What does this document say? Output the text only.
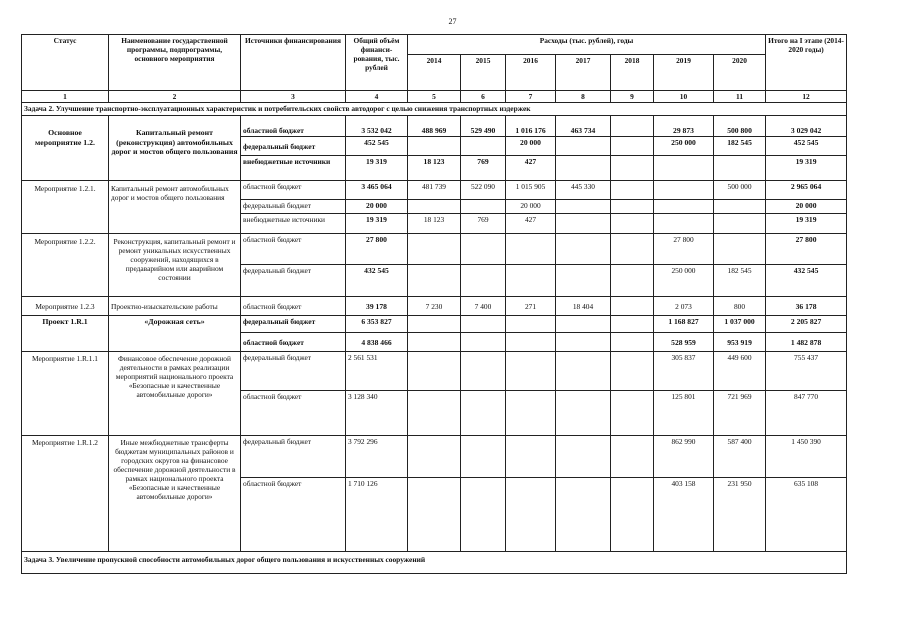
27
Статус	Наименование государственной программы, подпрограммы, основного мероприятия	Источники финансирования	Общий объём финанси-рования, тыс. рублей	Расходы (тыс. рублей), годы							Итого на I этапе (2014-2020 годы)
				2014	2015	2016	2017	2018	2019	2020	
1	2	3	4	5	6	7	8	9	10	11	12
Задача 2. Улучшение транспортно-эксплуатационных характеристик и потребительских свойств автодорог с целью снижения транспортных издержек											
Основное мероприятие 1.2.	Капитальный ремонт (реконструкция) автомобильных дорог и мостов общего пользования	областной бюджет	3 532 042	488 969	529 490	1 016 176	463 734		29 873	500 800	3 029 042
		федеральный бюджет	452 545			20 000			250 000	182 545	452 545
		внебюджетные источники	19 319	18 123	769	427					19 319
Мероприятие 1.2.1.	Капитальный ремонт автомобильных дорог и мостов общего пользования	областной бюджет	3 465 064	481 739	522 090	1 015 905	445 330			500 000	2 965 064
		федеральный бюджет	20 000			20 000					20 000
		внебюджетные источники	19 319	18 123	769	427					19 319
Мероприятие 1.2.2.	Реконструкция, капитальный ремонт и ремонт уникальных искусственных сооружений, находящихся в предаварийном или аварийном состоянии	областной бюджет	27 800						27 800		27 800
		федеральный бюджет	432 545						250 000	182 545	432 545
Мероприятие 1.2.3	Проектно-изыскательские работы	областной бюджет	39 178	7 230	7 400	271	18 404		2 073	800	36 178
Проект 1.R.1	«Дорожная сеть»	федеральный бюджет	6 353 827						1 168 827	1 037 000	2 205 827
		областной бюджет	4 838 466						528 959	953 919	1 482 878
Мероприятие 1.R.1.1	Финансовое обеспечение дорожной деятельности в рамках реализации мероприятий национального проекта «Безопасные и качественные автомобильные дороги»	федеральный бюджет	2 561 531						305 837	449 600	755 437
		областной бюджет	3 128 340						125 801	721 969	847 770
Мероприятие 1.R.1.2	Иные межбюджетные трансферты бюджетам муниципальных районов и городских округов на финансовое обеспечение дорожной деятельности в рамках национального проекта «Безопасные и качественные автомобильные дороги»	федеральный бюджет	3 792 296						862 990	587 400	1 450 390
		областной бюджет	1 710 126						403 158	231 950	635 108
Задача 3. Увеличение пропускной способности автомобильных дорог общего пользования и искусственных сооружений											
